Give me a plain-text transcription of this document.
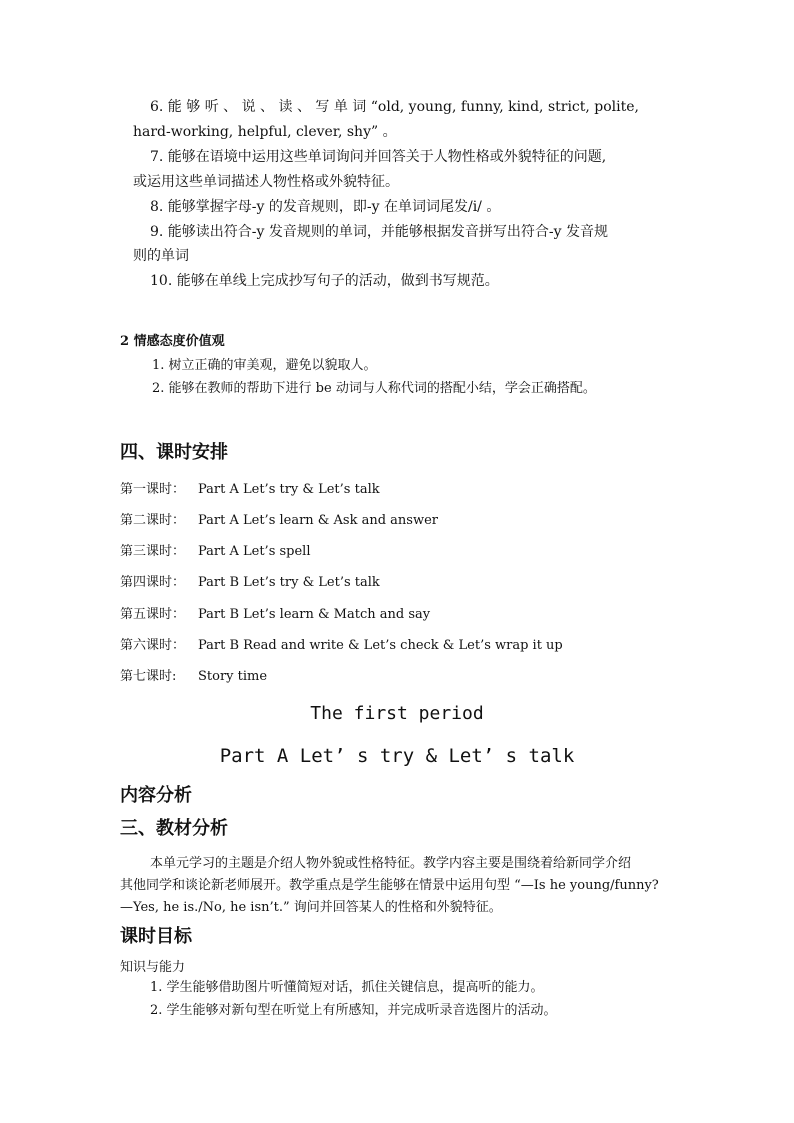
6. 能 够 听 、 说 、 读 、 写 单 词 “old, young, funny, kind, strict, polite,
hard-working, helpful, clever, shy” 。
7. 能够在语境中运用这些单词询问并回答关于人物性格或外貌特征的问题,
或运用这些单词描述人物性格或外貌特征。
8. 能够掌握字母-y 的发音规则，即-y 在单词词尾发/i/ 。
9. 能够读出符合-y 发音规则的单词，并能够根据发音拼写出符合-y 发音规
则的单词
10. 能够在单线上完成抄写句子的活动，做到书写规范。
2 情感态度价值观
1. 树立正确的审美观，避免以貌取人。
2. 能够在教师的帮助下进行 be 动词与人称代词的搭配小结，学会正确搭配。
四、课时安排
第一课时： Part A Let’s try & Let’s talk
第二课时： Part A Let’s learn & Ask and answer
第三课时： Part A Let’s spell
第四课时： Part B Let’s try & Let’s talk
第五课时： Part B Let’s learn & Match and say
第六课时： Part B Read and write & Let’s check & Let’s wrap it up
第七课时: Story time
The first period
Part A Let’ s try & Let’ s talk
内容分析
三、教材分析
本单元学习的主题是介绍人物外貌或性格特征。教学内容主要是围绕着给新同学介绍
其他同学和谈论新老师展开。教学重点是学生能够在情景中运用句型 “—Is he young/funny?
—Yes, he is./No, he isn’t.” 询问并回答某人的性格和外貌特征。
课时目标
知识与能力
1. 学生能够借助图片听懂简短对话，抓住关键信息，提高听的能力。
2. 学生能够对新句型在听觉上有所感知，并完成听录音选图片的活动。
